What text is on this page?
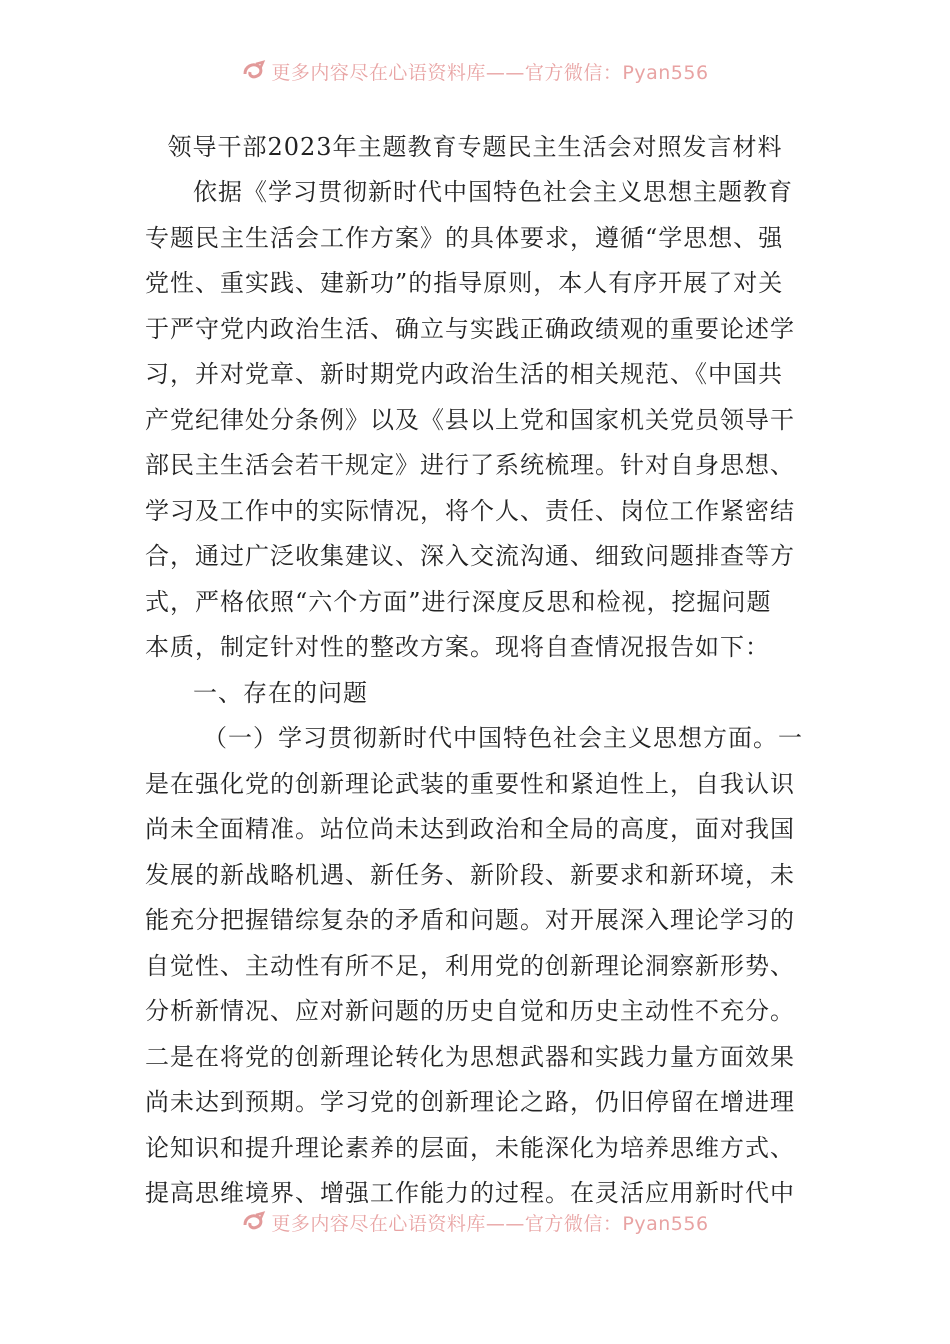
更多内容尽在心语资料库——官方微信：Pyan556
领导干部2023年主题教育专题民主生活会对照发言材料
依据《学习贯彻新时代中国特色社会主义思想主题教育
专题民主生活会工作方案》的具体要求，遵循“学思想、强
党性、重实践、建新功”的指导原则，本人有序开展了对关
于严守党内政治生活、确立与实践正确政绩观的重要论述学
习，并对党章、新时期党内政治生活的相关规范、《中国共
产党纪律处分条例》以及《县以上党和国家机关党员领导干
部民主生活会若干规定》进行了系统梳理。针对自身思想、
学习及工作中的实际情况，将个人、责任、岗位工作紧密结
合，通过广泛收集建议、深入交流沟通、细致问题排查等方
式，严格依照“六个方面”进行深度反思和检视，挖掘问题
本质，制定针对性的整改方案。现将自查情况报告如下：
一、存在的问题
（一）学习贯彻新时代中国特色社会主义思想方面。一
是在强化党的创新理论武装的重要性和紧迫性上，自我认识
尚未全面精准。站位尚未达到政治和全局的高度，面对我国
发展的新战略机遇、新任务、新阶段、新要求和新环境，未
能充分把握错综复杂的矛盾和问题。对开展深入理论学习的
自觉性、主动性有所不足，利用党的创新理论洞察新形势、
分析新情况、应对新问题的历史自觉和历史主动性不充分。
二是在将党的创新理论转化为思想武器和实践力量方面效果
尚未达到预期。学习党的创新理论之路，仍旧停留在增进理
论知识和提升理论素养的层面，未能深化为培养思维方式、
提高思维境界、增强工作能力的过程。在灵活应用新时代中
更多内容尽在心语资料库——官方微信：Pyan556
